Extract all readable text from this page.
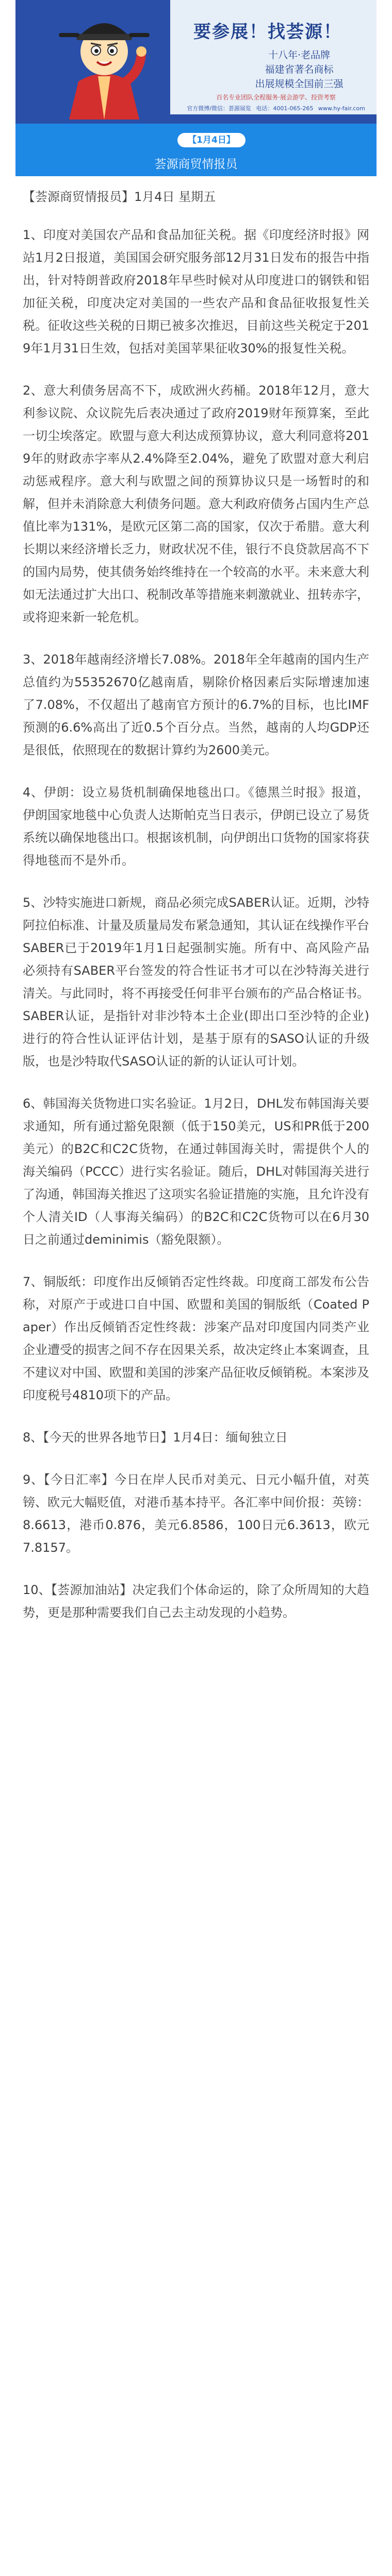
要参展！找荟源！
十八年·老品牌
福建省著名商标
出展规模全国前三强
百名专业团队全程服务·展会游学、投资考察
官方微博/微信：荟源展览 电话：4001-065-265 www.hy-fair.com
【1月4日】
荟源商贸情报员

【荟源商贸情报员】1月4日 星期五

1、印度对美国农产品和食品加征关税。据《印度经济时报》网站1月2日报道，美国国会研究服务部12月31日发布的报告中指出，针对特朗普政府2018年早些时候对从印度进口的钢铁和铝加征关税，印度决定对美国的一些农产品和食品征收报复性关税。征收这些关税的日期已被多次推迟，目前这些关税定于2019年1月31日生效，包括对美国苹果征收30%的报复性关税。

2、意大利债务居高不下，成欧洲火药桶。2018年12月，意大利参议院、众议院先后表决通过了政府2019财年预算案，至此一切尘埃落定。欧盟与意大利达成预算协议，意大利同意将2019年的财政赤字率从2.4%降至2.04%，避免了欧盟对意大利启动惩戒程序。意大利与欧盟之间的预算协议只是一场暂时的和解，但并未消除意大利债务问题。意大利政府债务占国内生产总值比率为131%，是欧元区第二高的国家，仅次于希腊。意大利长期以来经济增长乏力，财政状况不佳，银行不良贷款居高不下的国内局势，使其债务始终维持在一个较高的水平。未来意大利如无法通过扩大出口、税制改革等措施来刺激就业、扭转赤字，或将迎来新一轮危机。

3、2018年越南经济增长7.08%。2018年全年越南的国内生产总值约为55352670亿越南盾，剔除价格因素后实际增速加速了7.08%，不仅超出了越南官方预计的6.7%的目标，也比IMF预测的6.6%高出了近0.5个百分点。当然，越南的人均GDP还是很低，依照现在的数据计算约为2600美元。

4、伊朗：设立易货机制确保地毯出口。《德黑兰时报》报道，伊朗国家地毯中心负责人达斯帕克当日表示，伊朗已设立了易货系统以确保地毯出口。根据该机制，向伊朗出口货物的国家将获得地毯而不是外币。

5、沙特实施进口新规，商品必须完成SABER认证。近期，沙特阿拉伯标准、计量及质量局发布紧急通知，其认证在线操作平台SABER已于2019年1月1日起强制实施。所有中、高风险产品必须持有SABER平台签发的符合性证书才可以在沙特海关进行清关。与此同时，将不再接受任何非平台颁布的产品合格证书。SABER认证，是指针对非沙特本土企业(即出口至沙特的企业)进行的符合性认证评估计划，是基于原有的SASO认证的升级版，也是沙特取代SASO认证的新的认证认可计划。

6、韩国海关货物进口实名验证。1月2日，DHL发布韩国海关要求通知，所有通过豁免限额（低于150美元，US和PR低于200美元）的B2C和C2C货物，在通过韩国海关时，需提供个人的海关编码（PCCC）进行实名验证。随后，DHL对韩国海关进行了沟通，韩国海关推迟了这项实名验证措施的实施，且允许没有个人清关ID（人事海关编码）的B2C和C2C货物可以在6月30日之前通过deminimis（豁免限额）。

7、铜版纸：印度作出反倾销否定性终裁。印度商工部发布公告称，对原产于或进口自中国、欧盟和美国的铜版纸（Coated Paper）作出反倾销否定性终裁：涉案产品对印度国内同类产业企业遭受的损害之间不存在因果关系，故决定终止本案调查，且不建议对中国、欧盟和美国的涉案产品征收反倾销税。本案涉及印度税号4810项下的产品。

8、【今天的世界各地节日】1月4日：缅甸独立日

9、【今日汇率】今日在岸人民币对美元、日元小幅升值，对英镑、欧元大幅贬值，对港币基本持平。各汇率中间价报：英镑：8.6613，港币0.876，美元6.8586，100日元6.3613，欧元7.8157。

10、【荟源加油站】决定我们个体命运的，除了众所周知的大趋势，更是那种需要我们自己去主动发现的小趋势。
